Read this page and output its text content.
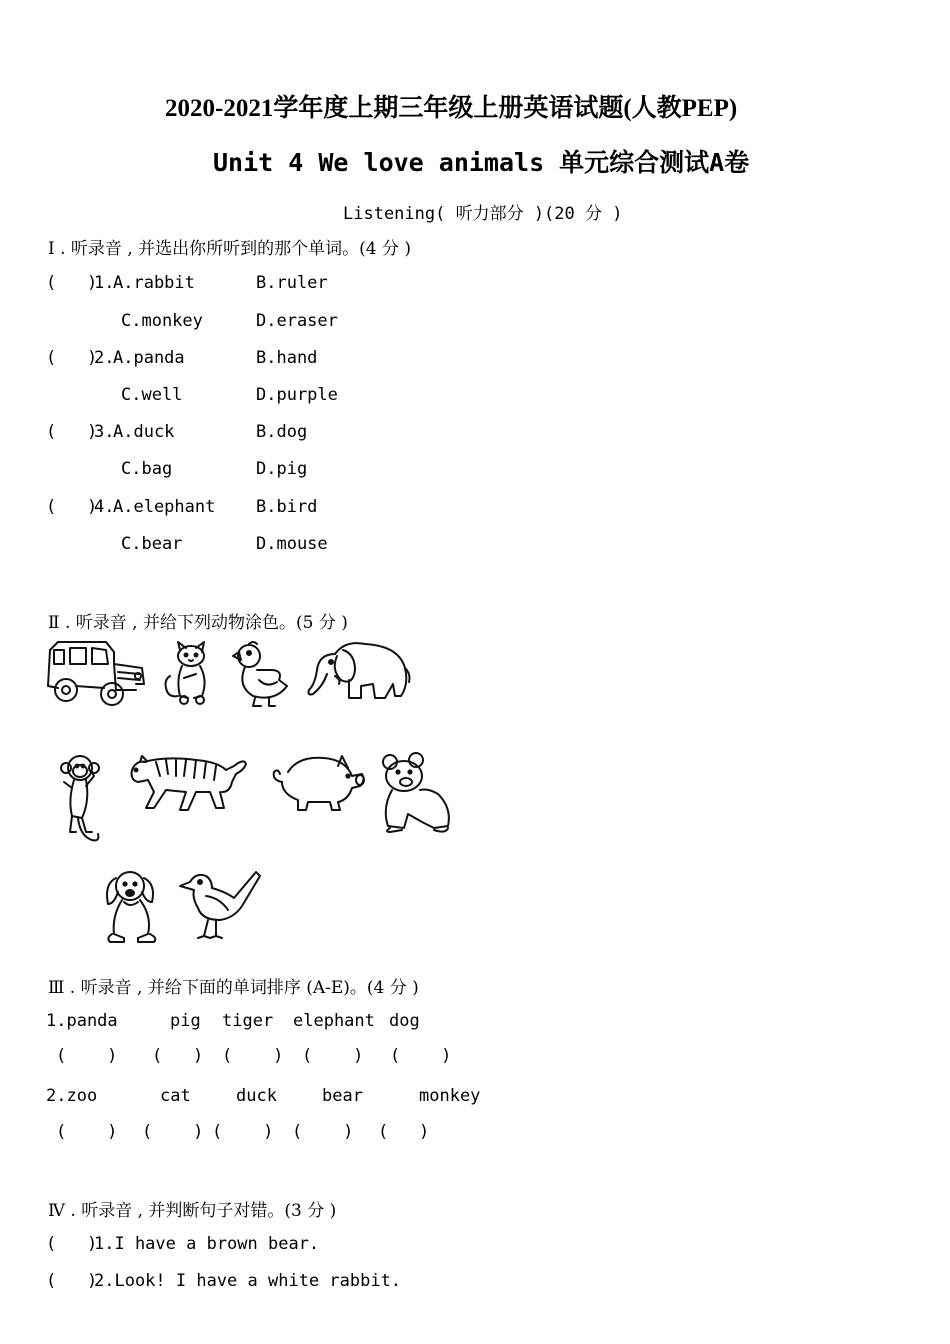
2020-2021学年度上期三年级上册英语试题(人教PEP)
Unit 4 We love animals 单元综合测试A卷
Listening( 听力部分 )(20 分 )
Ⅰ . 听录音 , 并选出你所听到的那个单词。(4 分 )
(   )
1.
A.rabbit	B.ruler
C.monkey	D.eraser
(   )
2.
A.panda	B.hand
C.well	D.purple
(   )
3.
A.duck	B.dog
C.bag	D.pig
(   )
4.
A.elephant B.bird
C.bear	D.mouse
Ⅱ . 听录音 , 并给下列动物涂色。(5 分 )
Ⅲ . 听录音 , 并给下面的单词排序 (A-E)。(4 分 )
1.panda	pig tiger elephant dog
(    ) (   ) (    ) (    ) (    )
2.zoo	cat	duck	bear	monkey
(    ) (    ) (    ) (    ) (   )
Ⅳ . 听录音 , 并判断句子对错。(3 分 )
(   )
1.I have a brown bear.
(   )
2.Look! I have a white rabbit.
